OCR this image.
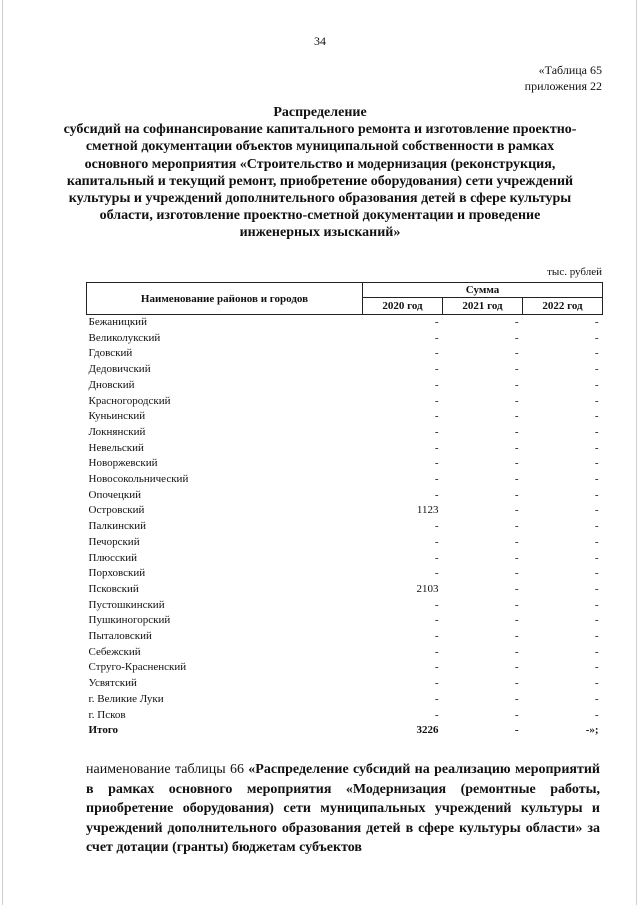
34
«Таблица 65
приложения 22
Распределение
субсидий на софинансирование капитального ремонта и изготовление проектно-сметной документации объектов муниципальной собственности в рамках основного мероприятия «Строительство и модернизация (реконструкция, капитальный и текущий ремонт, приобретение оборудования) сети учреждений культуры и учреждений дополнительного образования детей в сфере культуры области, изготовление проектно-сметной документации и проведение инженерных изысканий»
тыс. рублей
Наименование районов и городов	Сумма		
	2020 год	2021 год	2022 год
Бежаницкий	-	-	-
Великолукский	-	-	-
Гдовский	-	-	-
Дедовичский	-	-	-
Дновский	-	-	-
Красногородский	-	-	-
Куньинский	-	-	-
Локнянский	-	-	-
Невельский	-	-	-
Новоржевский	-	-	-
Новосокольнический	-	-	-
Опочецкий	-	-	-
Островский	1123	-	-
Палкинский	-	-	-
Печорский	-	-	-
Плюсский	-	-	-
Порховский	-	-	-
Псковский	2103	-	-
Пустошкинский	-	-	-
Пушкиногорский	-	-	-
Пыталовский	-	-	-
Себежский	-	-	-
Струго-Красненский	-	-	-
Усвятский	-	-	-
г. Великие Луки	-	-	-
г. Псков	-	-	-
Итого	3226	-	-»;
наименование таблицы 66 «Распределение субсидий на реализацию мероприятий в рамках основного мероприятия «Модернизация (ремонтные работы, приобретение оборудования) сети муниципальных учреждений культуры и учреждений дополнительного образования детей в сфере культуры области» за счет дотации (гранты) бюджетам субъектов
